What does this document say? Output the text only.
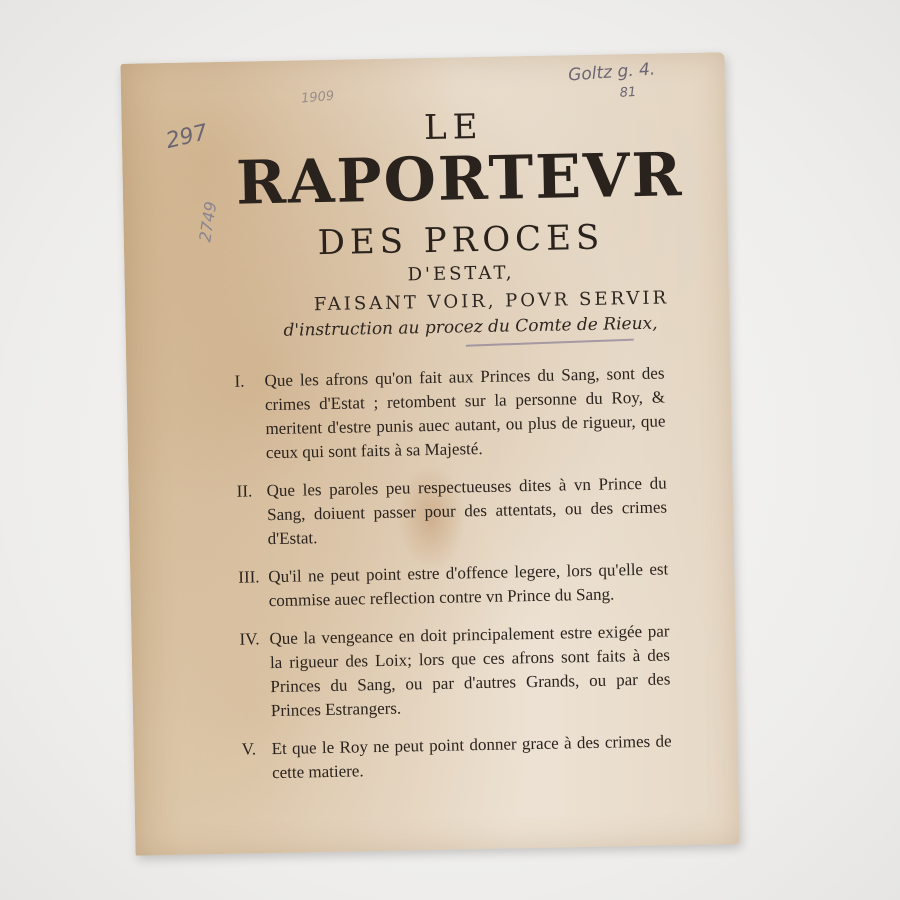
297
2749
1909
Goltz g. 4.
81
LE
RAPORTEVR
DES PROCES
D'ESTAT,
FAISANT VOIR, POVR SERVIR
d'instruction au procez du Comte de Rieux,
I.	Que les afrons qu'on fait aux Princes du Sang, sont des crimes d'Estat ; retombent sur la personne du Roy, & meritent d'estre punis auec autant, ou plus de rigueur, que ceux qui sont faits à sa Majesté.
II. Que les paroles peu respectueuses dites à vn Prince du Sang, doiuent passer pour des attentats, ou des crimes d'Estat.
III. Qu'il ne peut point estre d'offence legere, lors qu'elle est commise auec reflection contre vn Prince du Sang.
IV. Que la vengeance en doit principalement estre exigée par la rigueur des Loix; lors que ces afrons sont faits à des Princes du Sang, ou par d'autres Grands, ou par des Princes Estrangers.
V. Et que le Roy ne peut point donner grace à des crimes de cette matiere.
